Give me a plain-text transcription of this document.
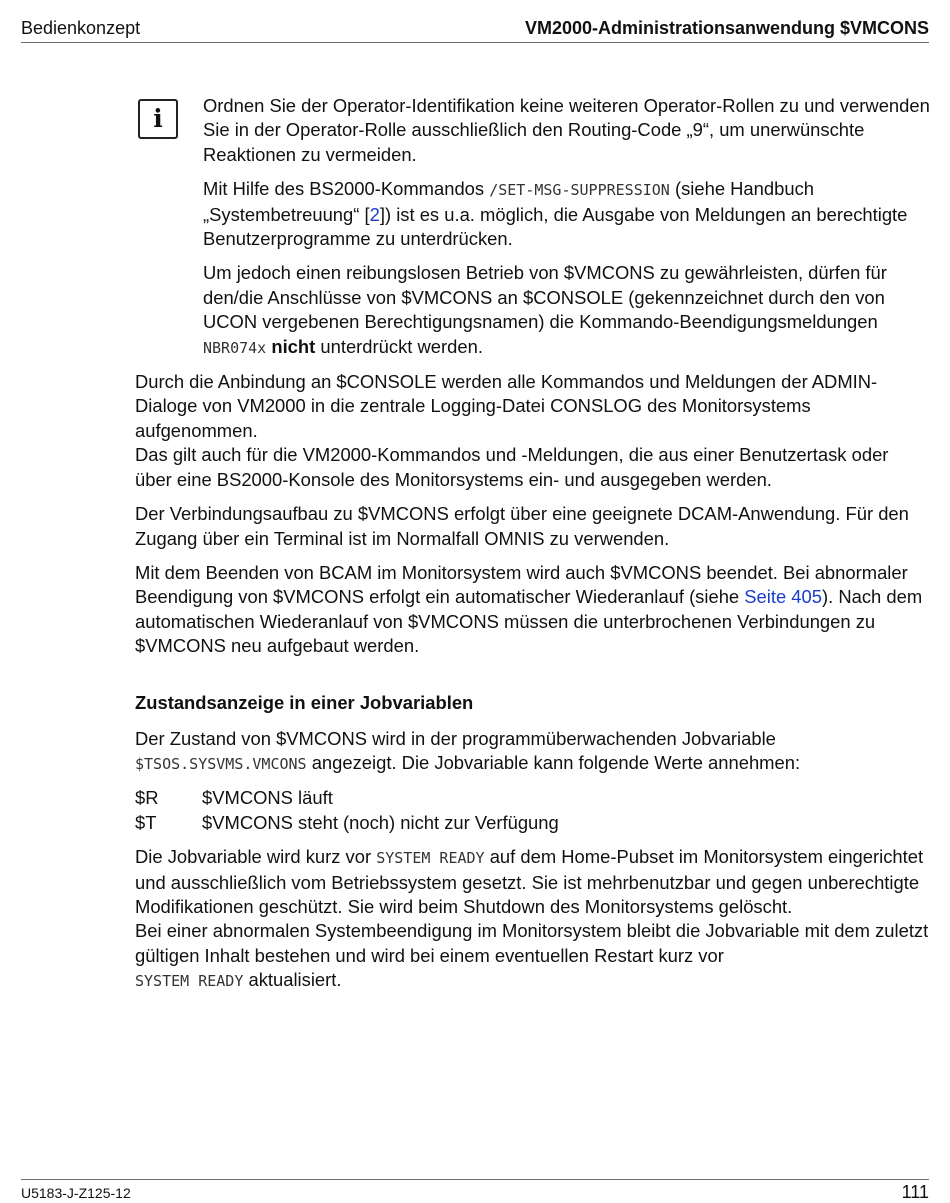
Bedienkonzept	VM2000-Administrationsanwendung $VMCONS
i	Ordnen Sie der Operator-Identifikation keine weiteren Operator-Rollen zu und verwenden Sie in der Operator-Rolle ausschließlich den Routing-Code „9“, um unerwünschte Reaktionen zu vermeiden.

Mit Hilfe des BS2000-Kommandos /SET-MSG-SUPPRESSION (siehe Handbuch „Systembetreuung“ [2]) ist es u.a. möglich, die Ausgabe von Meldungen an berechtigte Benutzerprogramme zu unterdrücken.

Um jedoch einen reibungslosen Betrieb von $VMCONS zu gewährleisten, dürfen für den/die Anschlüsse von $VMCONS an $CONSOLE (gekennzeichnet durch den von UCON vergebenen Berechtigungsnamen) die Kommando-Beendigungsmeldungen NBR074x nicht unterdrückt werden.

Durch die Anbindung an $CONSOLE werden alle Kommandos und Meldungen der ADMIN-Dialoge von VM2000 in die zentrale Logging-Datei CONSLOG des Monitorsystems aufgenommen.
Das gilt auch für die VM2000-Kommandos und -Meldungen, die aus einer Benutzertask oder über eine BS2000-Konsole des Monitorsystems ein- und ausgegeben werden.

Der Verbindungsaufbau zu $VMCONS erfolgt über eine geeignete DCAM-Anwendung. Für den Zugang über ein Terminal ist im Normalfall OMNIS zu verwenden.

Mit dem Beenden von BCAM im Monitorsystem wird auch $VMCONS beendet. Bei abnormaler Beendigung von $VMCONS erfolgt ein automatischer Wiederanlauf (siehe Seite 405). Nach dem automatischen Wiederanlauf von $VMCONS müssen die unterbrochenen Verbindungen zu $VMCONS neu aufgebaut werden.

Zustandsanzeige in einer Jobvariablen

Der Zustand von $VMCONS wird in der programmüberwachenden Jobvariable
$TSOS.SYSVMS.VMCONS angezeigt. Die Jobvariable kann folgende Werte annehmen:

$R $VMCONS läuft
$T $VMCONS steht (noch) nicht zur Verfügung

Die Jobvariable wird kurz vor SYSTEM READY auf dem Home-Pubset im Monitorsystem eingerichtet und ausschließlich vom Betriebssystem gesetzt. Sie ist mehrbenutzbar und gegen unberechtigte Modifikationen geschützt. Sie wird beim Shutdown des Monitorsystems gelöscht.

Bei einer abnormalen Systembeendigung im Monitorsystem bleibt die Jobvariable mit dem zuletzt gültigen Inhalt bestehen und wird bei einem eventuellen Restart kurz vor
SYSTEM READY aktualisiert.

U5183-J-Z125-12	111
